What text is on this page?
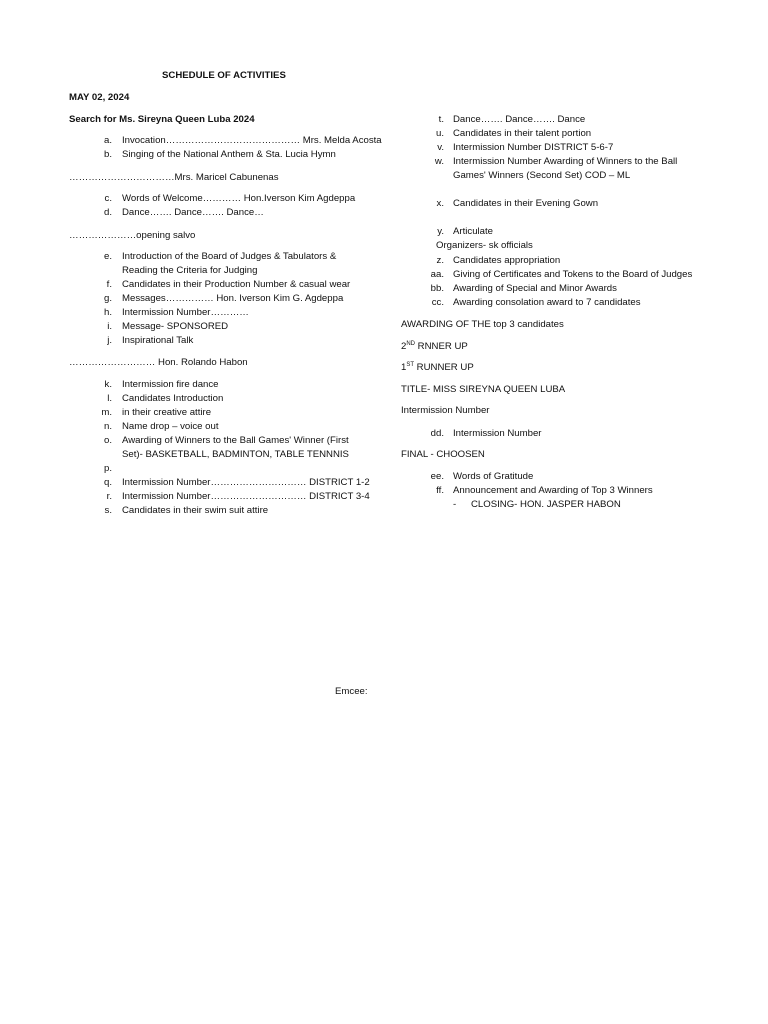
SCHEDULE OF ACTIVITIES
MAY 02, 2024
Search for Ms. Sireyna Queen Luba 2024
a. Invocation…………………………………… Mrs. Melda Acosta
b. Singing of the National Anthem & Sta. Lucia Hymn
……………………………Mrs. Maricel Cabunenas
c. Words of Welcome………… Hon.Iverson Kim Agdeppa
d. Dance……. Dance……. Dance…
…………………opening salvo
e. Introduction of the Board of Judges & Tabulators & Reading the Criteria for Judging
f. Candidates in their Production Number & casual wear
g. Messages…………… Hon. Iverson Kim G. Agdeppa
h. Intermission Number…………
i. Message- SPONSORED
j. Inspirational Talk
……………………… Hon. Rolando Habon
k. Intermission fire dance
l. Candidates Introduction
m. in their creative attire
n. Name drop – voice out
o. Awarding of Winners to the Ball Games' Winner (First Set)- BASKETBALL, BADMINTON, TABLE TENNNIS
p.
q. Intermission Number………………………… DISTRICT 1-2
r. Intermission Number………………………… DISTRICT 3-4
s. Candidates in their swim suit attire
t. Dance……. Dance……. Dance
u. Candidates in their talent portion
v. Intermission Number DISTRICT 5-6-7
w. Intermission Number Awarding of Winners to the Ball Games' Winners (Second Set) COD – ML
x. Candidates in their Evening Gown
y. Articulate
Organizers- sk officials
z. Candidates appropriation
aa. Giving of Certificates and Tokens to the Board of Judges
bb. Awarding of Special and Minor Awards
cc. Awarding consolation award to 7 candidates
AWARDING OF THE top 3 candidates
2ND RNNER UP
1ST RUNNER UP
TITLE- MISS SIREYNA QUEEN LUBA
Intermission Number
dd. Intermission Number
FINAL - CHOOSEN
ee. Words of Gratitude
ff. Announcement and Awarding of Top 3 Winners
- CLOSING- HON. JASPER HABON
Emcee:
